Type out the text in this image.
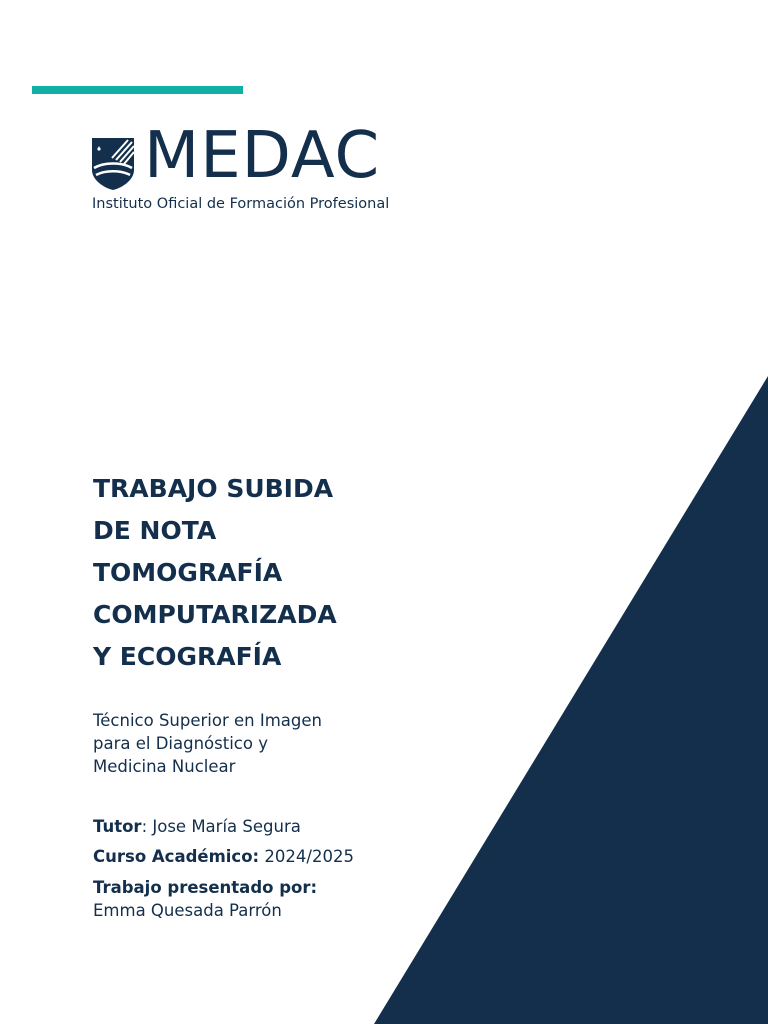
MEDAC
Instituto Oficial de Formación Profesional
TRABAJO SUBIDA
DE NOTA
TOMOGRAFÍA
COMPUTARIZADA
Y ECOGRAFÍA
Técnico Superior en Imagen
para el Diagnóstico y
Medicina Nuclear
Tutor: Jose María Segura
Curso Académico: 2024/2025
Trabajo presentado por:
Emma Quesada Parrón
